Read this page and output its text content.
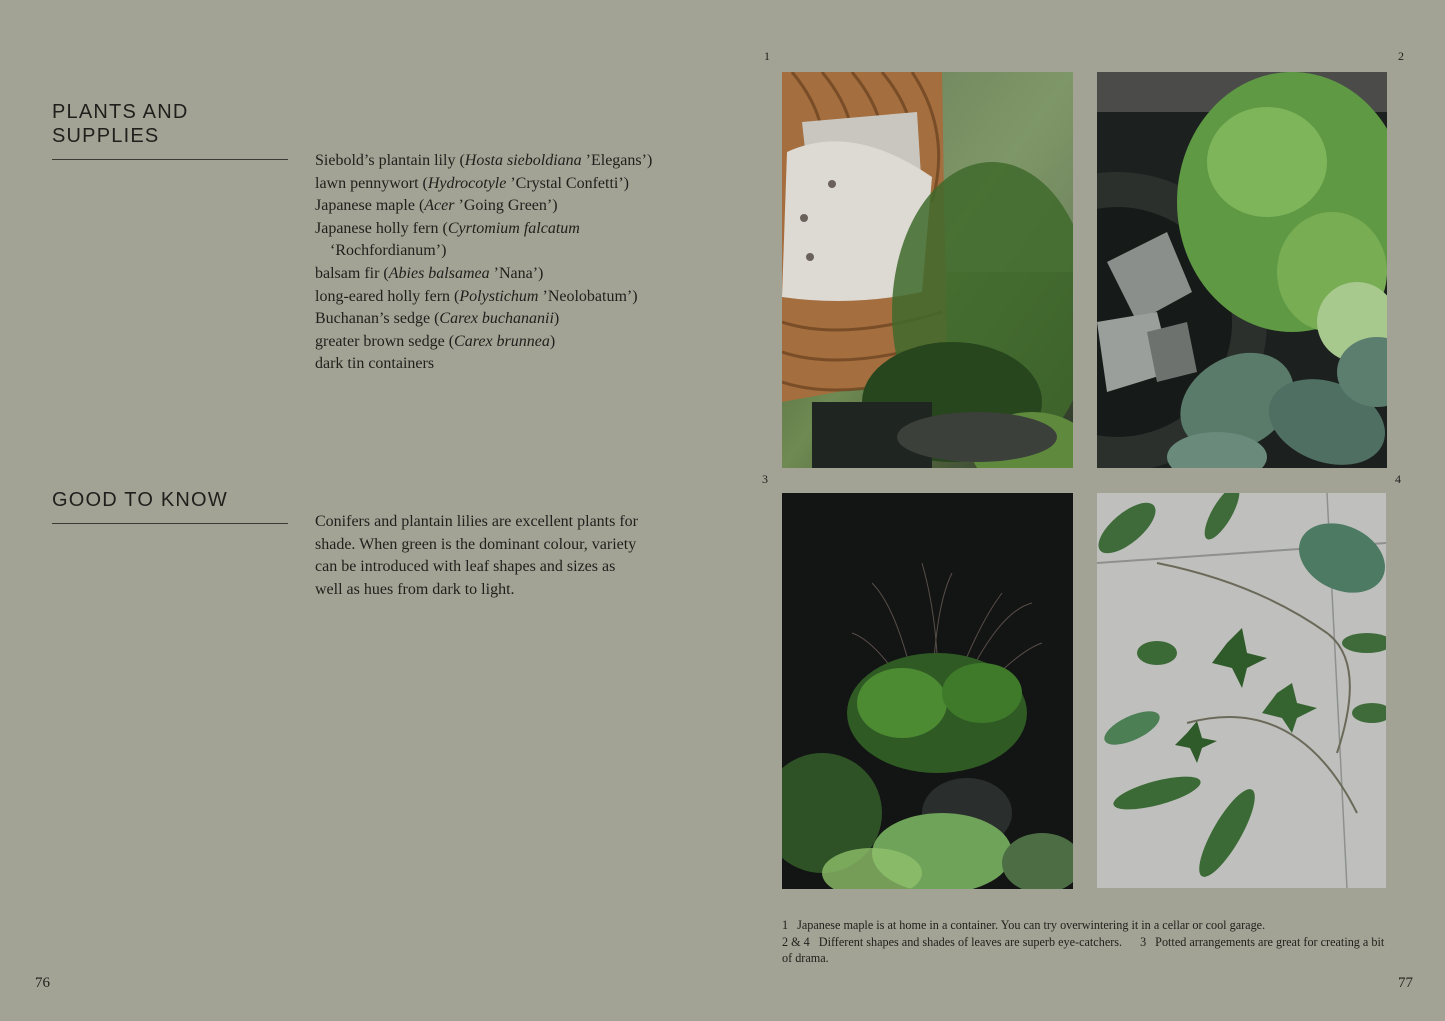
PLANTS AND
SUPPLIES
Siebold’s plantain lily (Hosta sieboldiana ’Elegans’)
lawn pennywort (Hydrocotyle ’Crystal Confetti’)
Japanese maple (Acer ’Going Green’)
Japanese holly fern (Cyrtomium falcatum
‘Rochfordianum’)
balsam fir (Abies balsamea ’Nana’)
long-eared holly fern (Polystichum ’Neolobatum’)
Buchanan’s sedge (Carex buchananii)
greater brown sedge (Carex brunnea)
dark tin containers
GOOD TO KNOW

Conifers and plantain lilies are excellent plants for shade. When green is the dominant colour, variety can be introduced with leaf shapes and sizes as well as hues from dark to light.

76
1	2
3	4
1 Japanese maple is at home in a container. You can try overwintering it in a cellar or cool garage.
2 & 4 Different shapes and shades of leaves are superb eye-catchers. 3 Potted arrangements are great for creating a bit of drama.
77
